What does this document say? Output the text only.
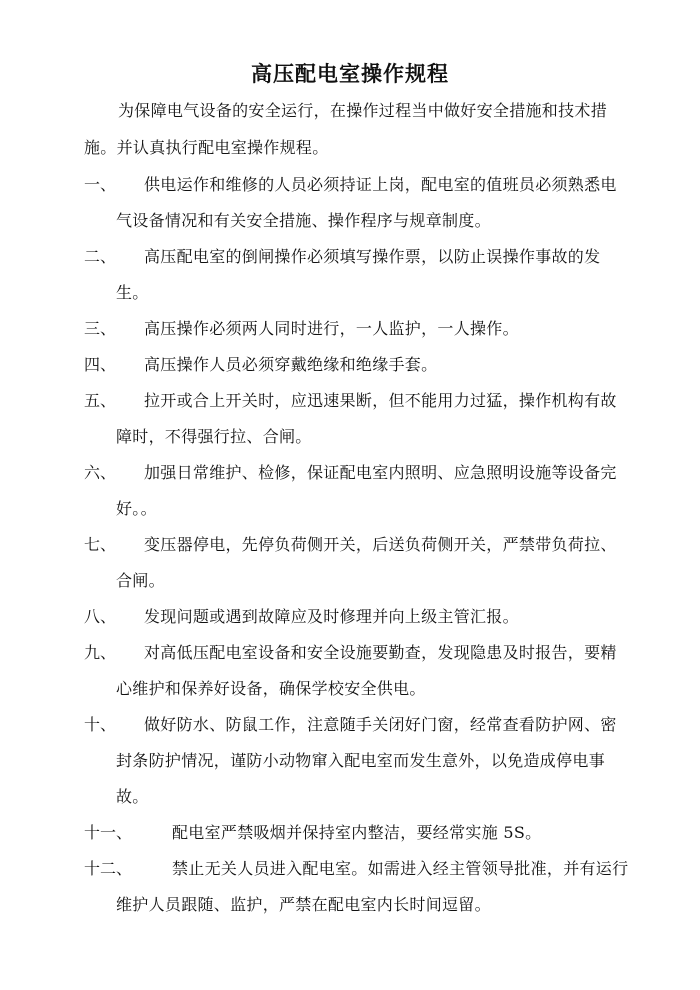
高压配电室操作规程

为保障电气设备的安全运行，在操作过程当中做好安全措施和技术措施。并认真执行配电室操作规程。

一、	供电运作和维修的人员必须持证上岗，配电室的值班员必须熟悉电气设备情况和有关安全措施、操作程序与规章制度。
二、	高压配电室的倒闸操作必须填写操作票，以防止误操作事故的发生。
三、	高压操作必须两人同时进行，一人监护，一人操作。
四、	高压操作人员必须穿戴绝缘和绝缘手套。
五、	拉开或合上开关时，应迅速果断，但不能用力过猛，操作机构有故障时，不得强行拉、合闸。
六、	加强日常维护、检修，保证配电室内照明、应急照明设施等设备完好。。
七、	变压器停电，先停负荷侧开关，后送负荷侧开关，严禁带负荷拉、合闸。
八、	发现问题或遇到故障应及时修理并向上级主管汇报。
九、	对高低压配电室设备和安全设施要勤查，发现隐患及时报告，要精心维护和保养好设备，确保学校安全供电。
十、	做好防水、防鼠工作，注意随手关闭好门窗，经常查看防护网、密封条防护情况，谨防小动物窜入配电室而发生意外，以免造成停电事故。
十一、	配电室严禁吸烟并保持室内整洁，要经常实施 5S。
十二、	禁止无关人员进入配电室。如需进入经主管领导批准，并有运行维护人员跟随、监护，严禁在配电室内长时间逗留。
